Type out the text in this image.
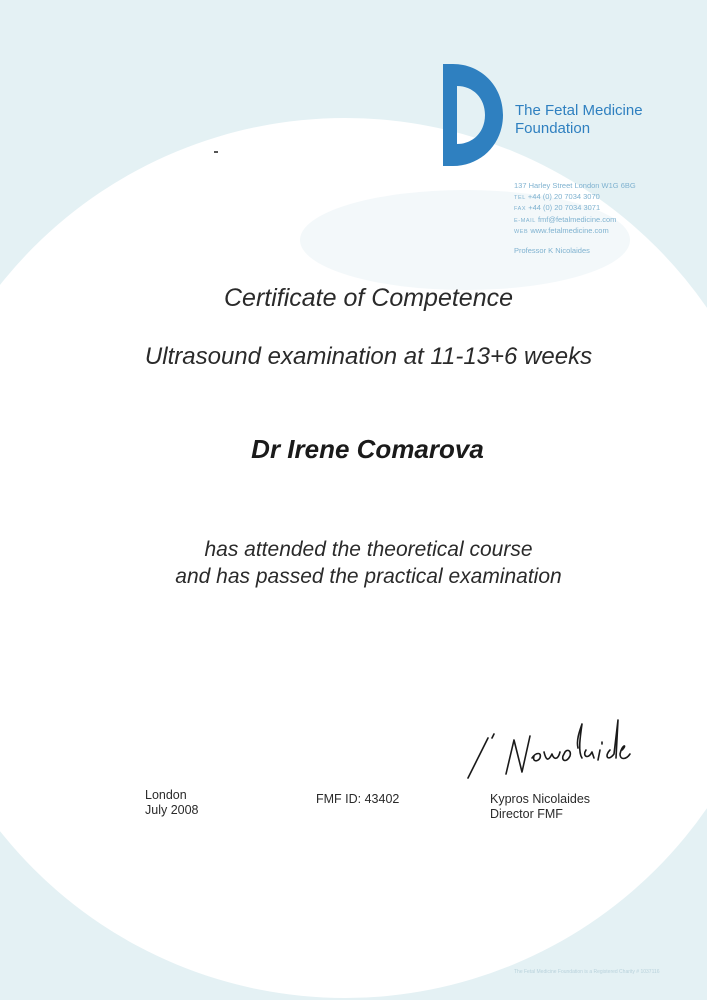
The Fetal Medicine
Foundation
137 Harley Street London W1G 6BG
TEL +44 (0) 20 7034 3070
FAX +44 (0) 20 7034 3071
E-MAIL fmf@fetalmedicine.com
WEB www.fetalmedicine.com
Professor K Nicolaides
Certificate of Competence
Ultrasound examination at 11-13+6 weeks
Dr Irene Comarova
has attended the theoretical course
and has passed the practical examination
London
July 2008
FMF ID: 43402	Kypros Nicolaides
Director FMF
The Fetal Medicine Foundation is a Registered Charity # 1037116
